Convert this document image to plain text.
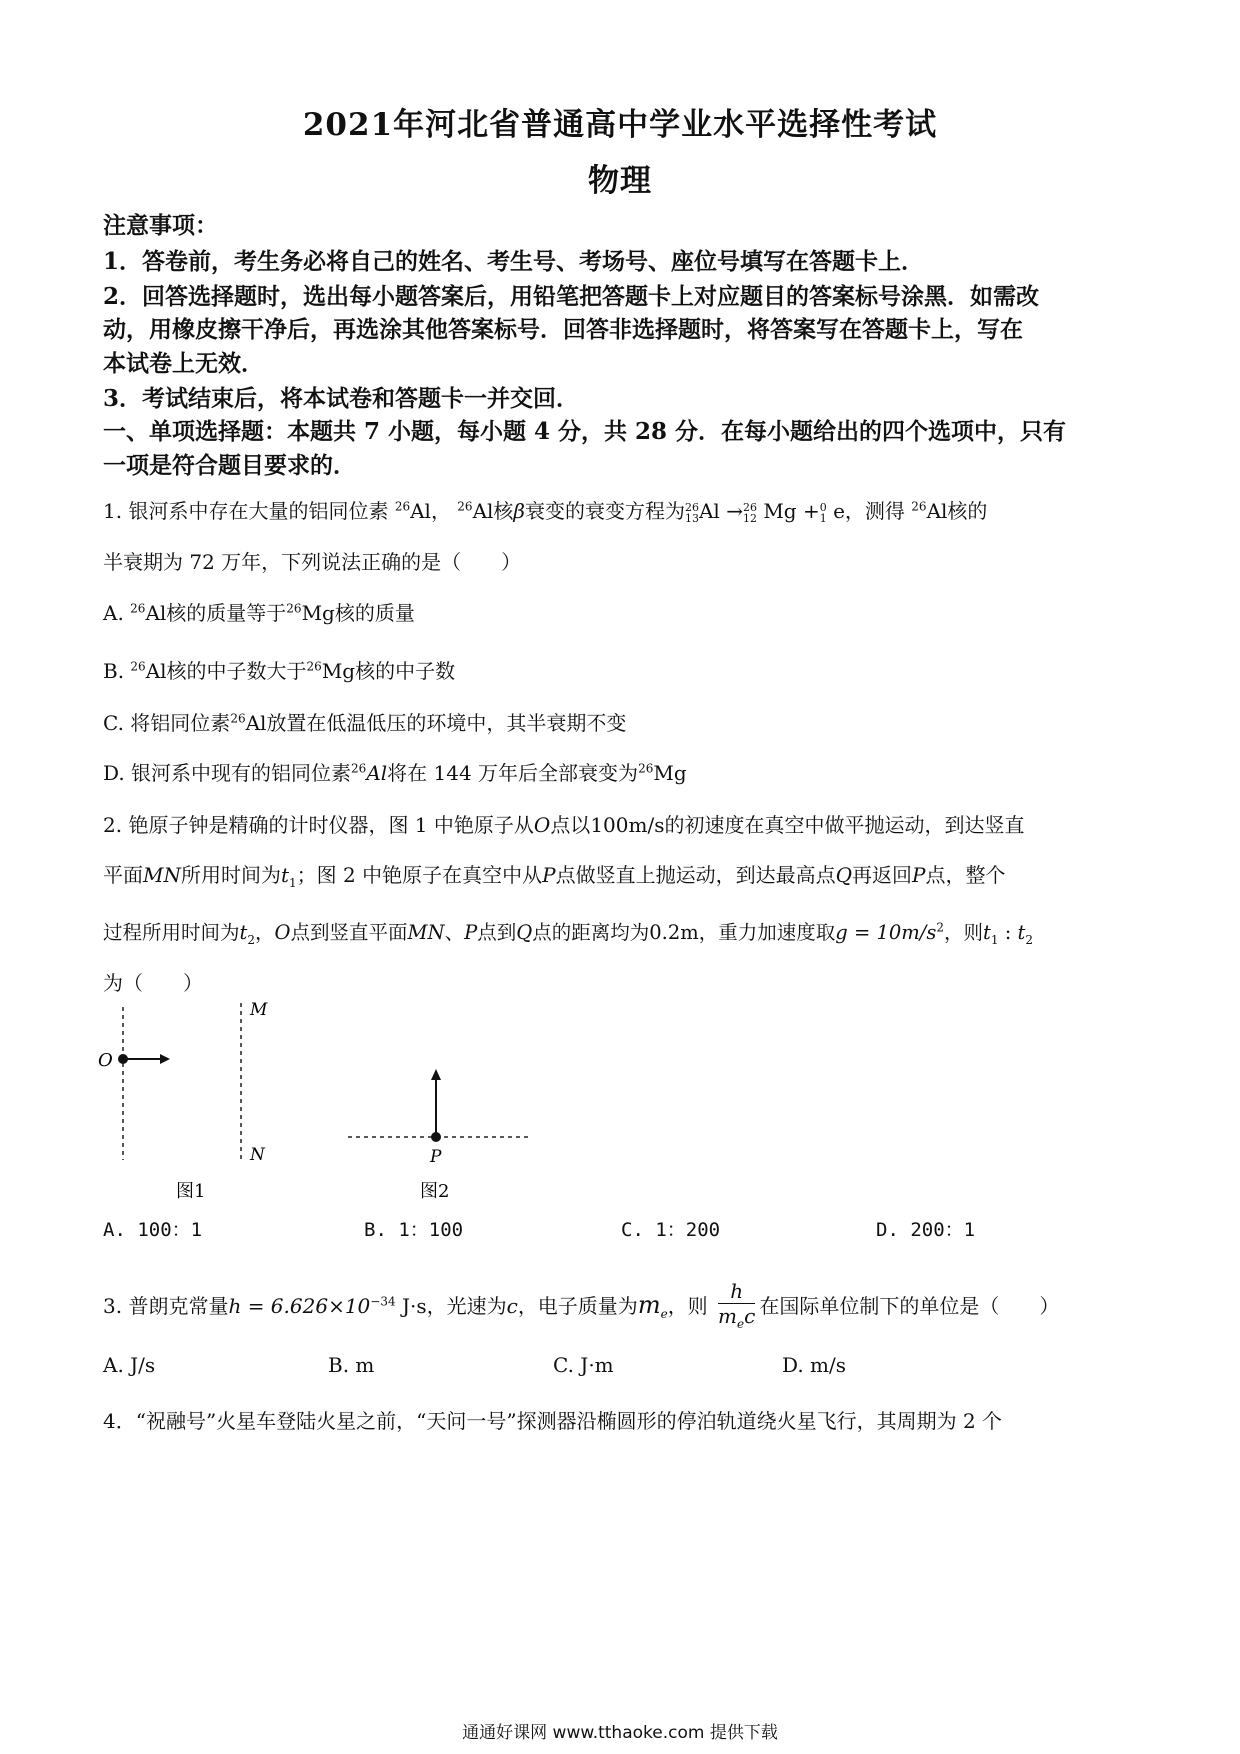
2021年河北省普通高中学业水平选择性考试
物理
注意事项：
1．答卷前，考生务必将自己的姓名、考生号、考场号、座位号填写在答题卡上．
2．回答选择题时，选出每小题答案后，用铅笔把答题卡上对应题目的答案标号涂黑．如需改
动，用橡皮擦干净后，再选涂其他答案标号．回答非选择题时，将答案写在答题卡上，写在
本试卷上无效．
3．考试结束后，将本试卷和答题卡一并交回．
一、单项选择题：本题共 7 小题，每小题 4 分，共 28 分．在每小题给出的四个选项中，只有
一项是符合题目要求的．
1. 银河系中存在大量的铝同位素 $^{26}$Al， $^{26}$Al核β衰变的衰变方程为26
13Al →26
12 Mg +0
1 e，测得 $^{26}$Al核的
半衰期为 72 万年，下列说法正确的是（　　）
A. $^{26}$Al核的质量等于$^{26}$Mg核的质量
B. $^{26}$Al核的中子数大于$^{26}$Mg核的中子数
C. 将铝同位素$^{26}$Al放置在低温低压的环境中，其半衰期不变
D. 银河系中现有的铝同位素$^{26}$Al将在 144 万年后全部衰变为$^{26}$Mg
2. 铯原子钟是精确的计时仪器，图 1 中铯原子从O点以100m/s的初速度在真空中做平抛运动，到达竖直
平面MN所用时间为$t_1$；图 2 中铯原子在真空中从P点做竖直上抛运动，到达最高点Q再返回P点，整个
过程所用时间为$t_2$，O点到竖直平面MN、P点到Q点的距离均为0.2m，重力加速度取$g = 10m/s^2$，则$t_1$ : $t_2$
为（　　）
O
M
N
图1
P
图2
A. 100：1	B. 1：100	C. 1：200	D. 200：1
3. 普朗克常量$h = 6.626\times 10^{-34}$ J·s，光速为c，电子质量为$m_e$，则
h
$m_ec$ 在国际单位制下的单位是（　　）
A. J/s	B. m	C. J·m	D. m/s
4．“祝融号”火星车登陆火星之前，“天问一号”探测器沿椭圆形的停泊轨道绕火星飞行，其周期为 2 个
通通好课网 www.tthaoke.com 提供下载
